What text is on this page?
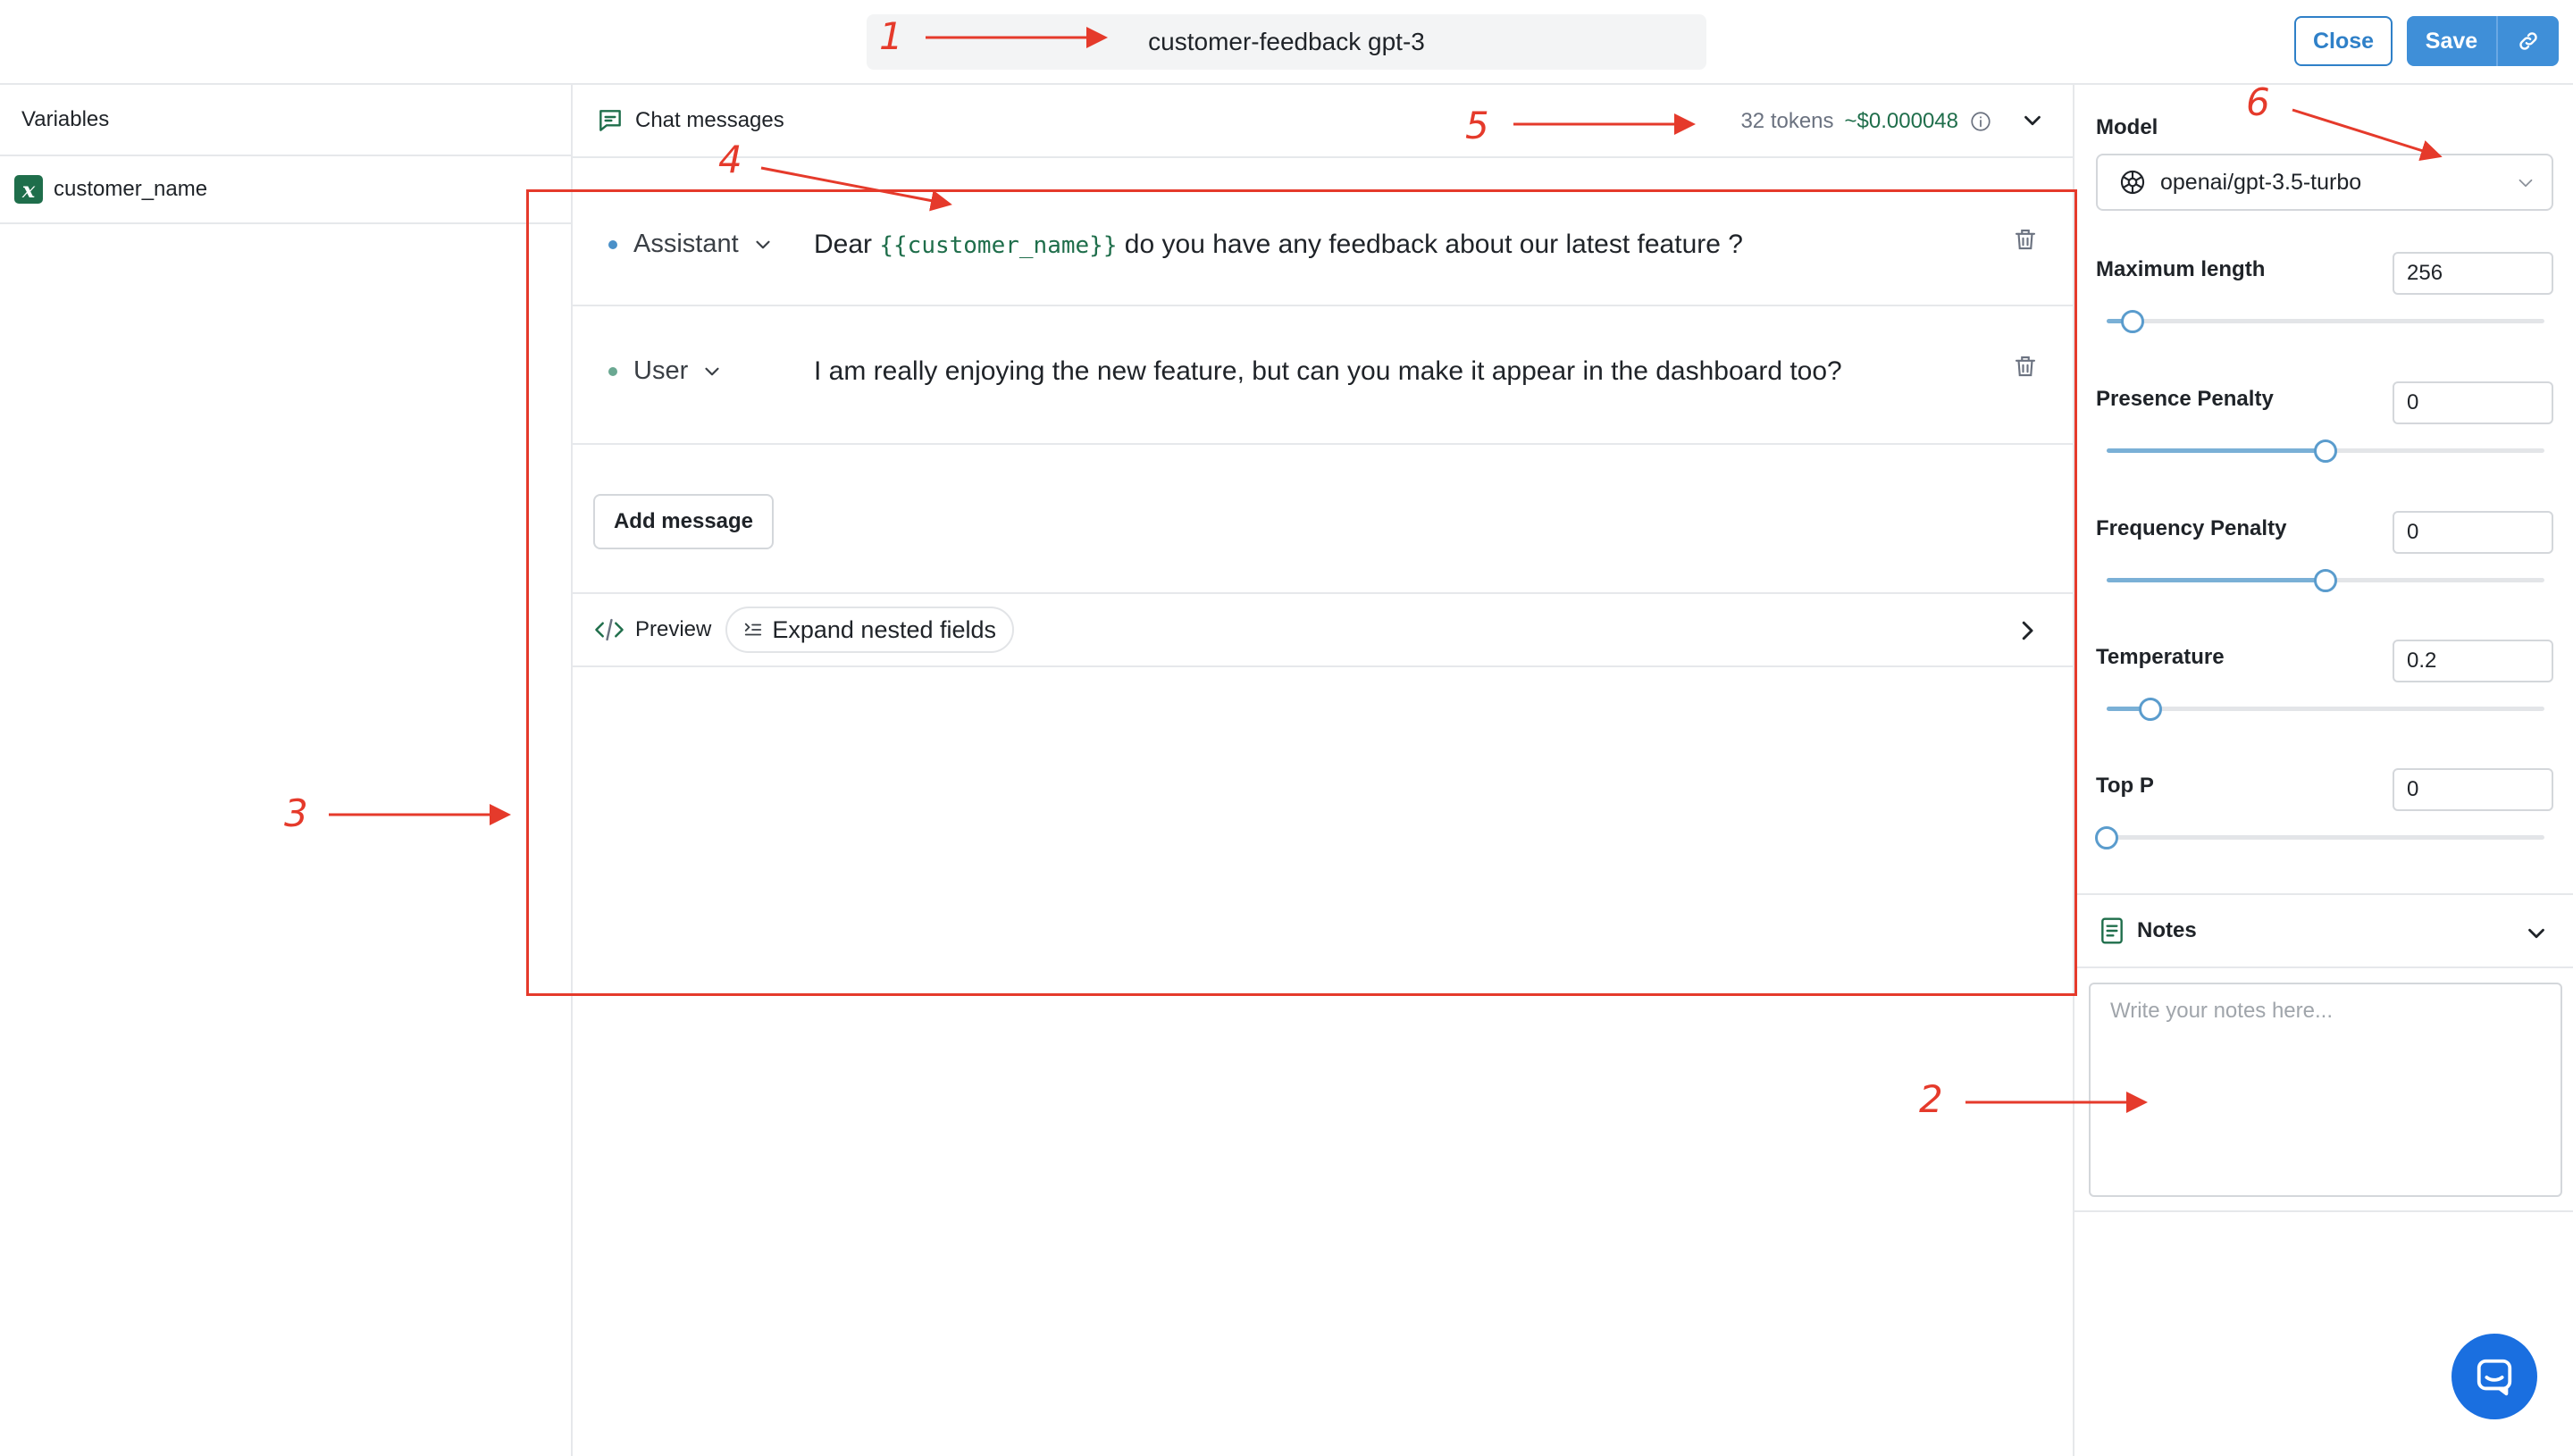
customer-feedback gpt-3	Close	Save
Variables
x customer_name
Chat messages	32 tokens ~$0.000048
Assistant	Dear {{customer_name}} do you have any feedback about our latest feature ?
User	I am really enjoying the new feature, but can you make it appear in the dashboard too?
Add message
Preview	Expand nested fields
Model
openai/gpt-3.5-turbo
Maximum length	256
Presence Penalty	0
Frequency Penalty	0
Temperature	0.2
Top P	0
Notes
Write your notes here...
1
2
3
4
5
6
